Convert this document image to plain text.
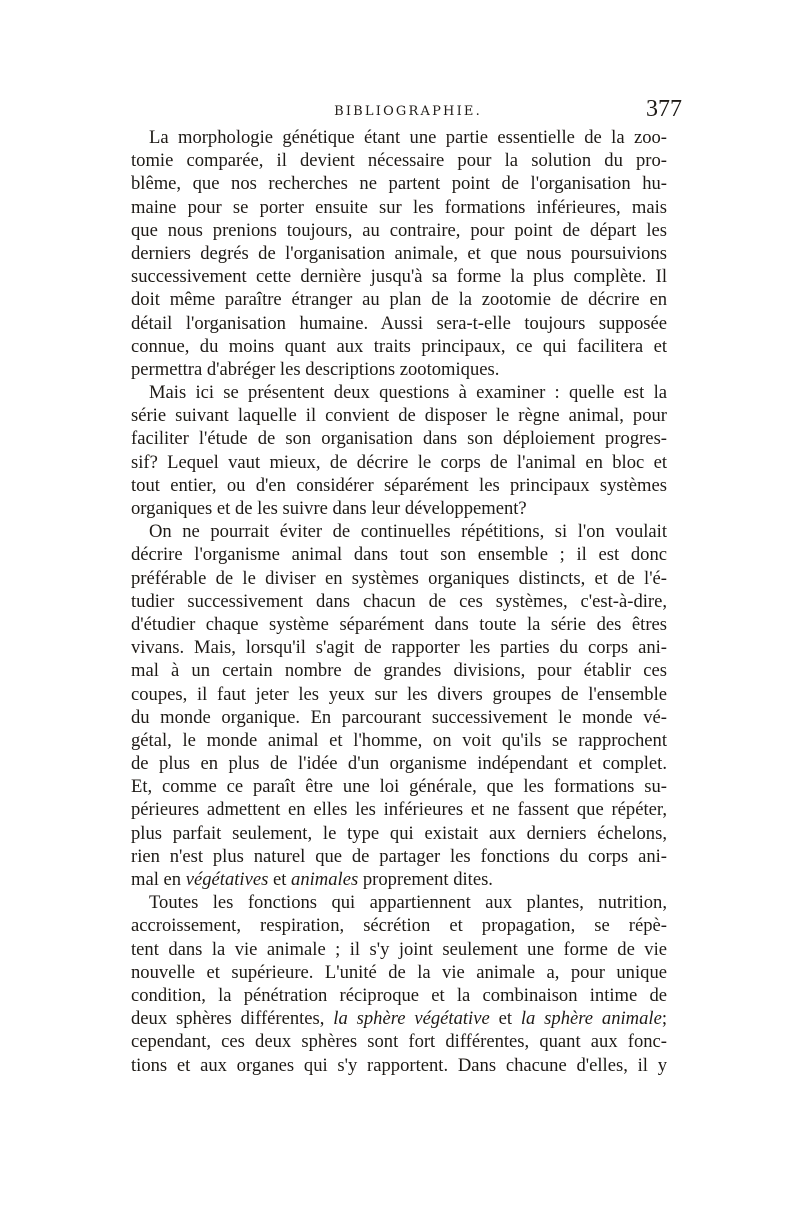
BIBLIOGRAPHIE.	377
La morphologie génétique étant une partie essentielle de la zoo-
tomie comparée, il devient nécessaire pour la solution du pro-
blême, que nos recherches ne partent point de l'organisation hu-
maine pour se porter ensuite sur les formations inférieures, mais
que nous prenions toujours, au contraire, pour point de départ les
derniers degrés de l'organisation animale, et que nous poursuivions
successivement cette dernière jusqu'à sa forme la plus complète. Il
doit même paraître étranger au plan de la zootomie de décrire en
détail l'organisation humaine. Aussi sera-t-elle toujours supposée
connue, du moins quant aux traits principaux, ce qui facilitera et
permettra d'abréger les descriptions zootomiques.
Mais ici se présentent deux questions à examiner : quelle est la
série suivant laquelle il convient de disposer le règne animal, pour
faciliter l'étude de son organisation dans son déploiement progres-
sif? Lequel vaut mieux, de décrire le corps de l'animal en bloc et
tout entier, ou d'en considérer séparément les principaux systèmes
organiques et de les suivre dans leur développement?
On ne pourrait éviter de continuelles répétitions, si l'on voulait
décrire l'organisme animal dans tout son ensemble ; il est donc
préférable de le diviser en systèmes organiques distincts, et de l'é-
tudier successivement dans chacun de ces systèmes, c'est-à-dire,
d'étudier chaque système séparément dans toute la série des êtres
vivans. Mais, lorsqu'il s'agit de rapporter les parties du corps ani-
mal à un certain nombre de grandes divisions, pour établir ces
coupes, il faut jeter les yeux sur les divers groupes de l'ensemble
du monde organique. En parcourant successivement le monde vé-
gétal, le monde animal et l'homme, on voit qu'ils se rapprochent
de plus en plus de l'idée d'un organisme indépendant et complet.
Et, comme ce paraît être une loi générale, que les formations su-
périeures admettent en elles les inférieures et ne fassent que répéter,
plus parfait seulement, le type qui existait aux derniers échelons,
rien n'est plus naturel que de partager les fonctions du corps ani-
mal en végétatives et animales proprement dites.
Toutes les fonctions qui appartiennent aux plantes, nutrition,
accroissement, respiration, sécrétion et propagation, se répè-
tent dans la vie animale ; il s'y joint seulement une forme de vie
nouvelle et supérieure. L'unité de la vie animale a, pour unique
condition, la pénétration réciproque et la combinaison intime de
deux sphères différentes, la sphère végétative et la sphère animale;
cependant, ces deux sphères sont fort différentes, quant aux fonc-
tions et aux organes qui s'y rapportent. Dans chacune d'elles, il y
